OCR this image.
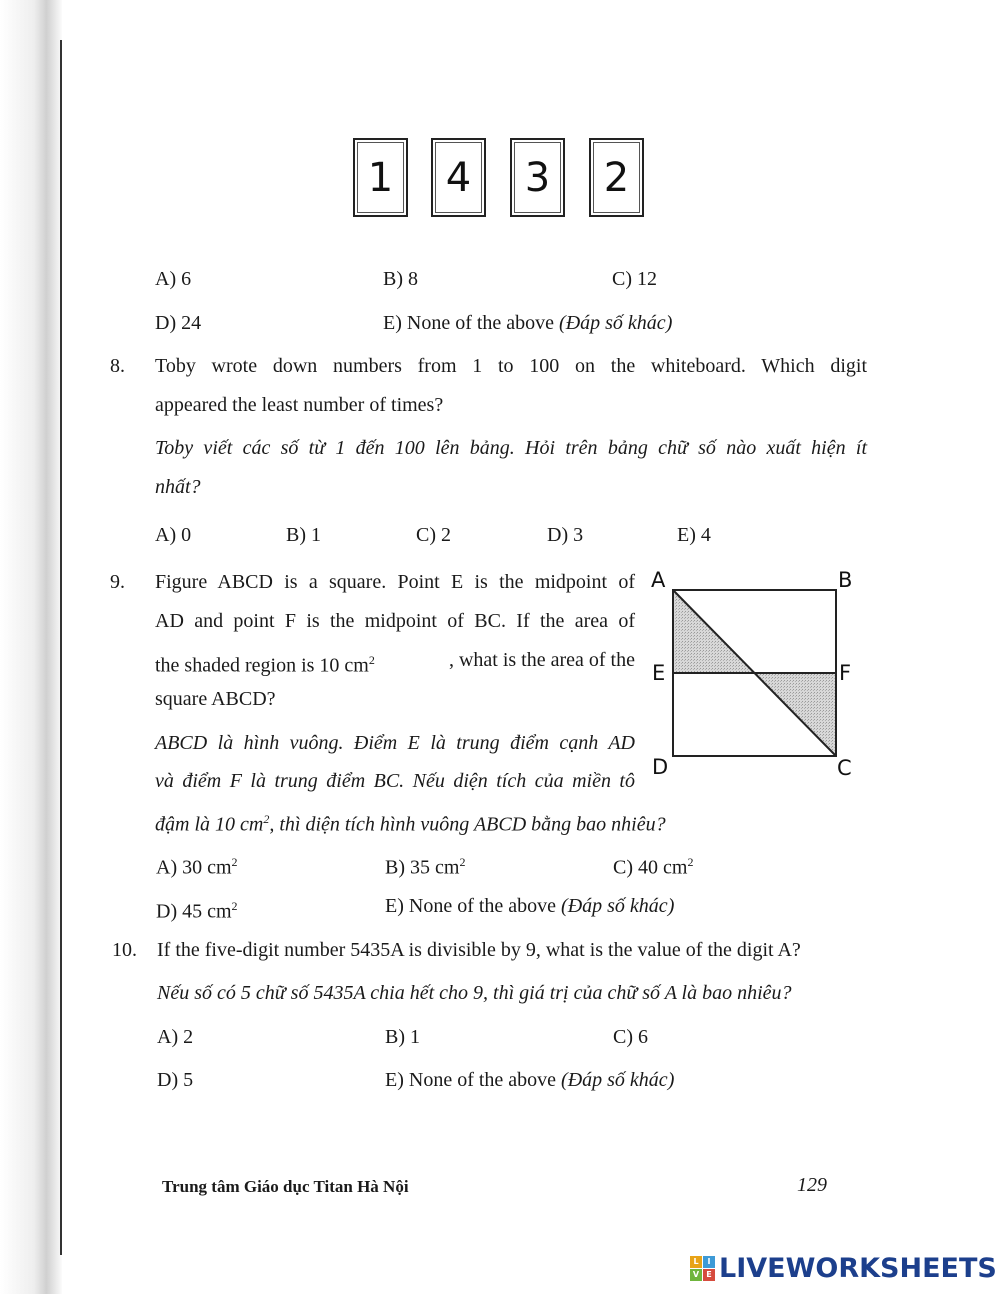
1 4 3 2
A) 6	B) 8	C) 12
D) 24	E) None of the above (Đáp số khác)
8. Toby wrote down numbers from 1 to 100 on the whiteboard. Which digit
appeared the least number of times?
Toby viết các số từ 1 đến 100 lên bảng. Hỏi trên bảng chữ số nào xuất hiện ít
nhất?
A) 0	B) 1	C) 2	D) 3	E) 4
9. Figure ABCD is a square. Point E is the midpoint of
AD and point F is the midpoint of BC. If the area of
the shaded region is 10 $cm^2$	, what is the area of the
square ABCD?
ABCD là hình vuông. Điểm E là trung điểm cạnh AD
và điểm F là trung điểm BC. Nếu diện tích của miền tô
đậm là 10 $cm^2$, thì diện tích hình vuông ABCD bằng bao nhiêu?
A	B
E	F
D	C
A) 30 $cm^2$	B) 35 $cm^2$	C) 40 $cm^2$
D) 45 $cm^2$	E) None of the above (Đáp số khác)
10. If the five-digit number 5435A is divisible by 9, what is the value of the digit A?
Nếu số có 5 chữ số 5435A chia hết cho 9, thì giá trị của chữ số A là bao nhiêu?
A) 2	B) 1	C) 6
D) 5	E) None of the above (Đáp số khác)
Trung tâm Giáo dục Titan Hà Nội	129
L	I
V E LIVEWORKSHEETS
